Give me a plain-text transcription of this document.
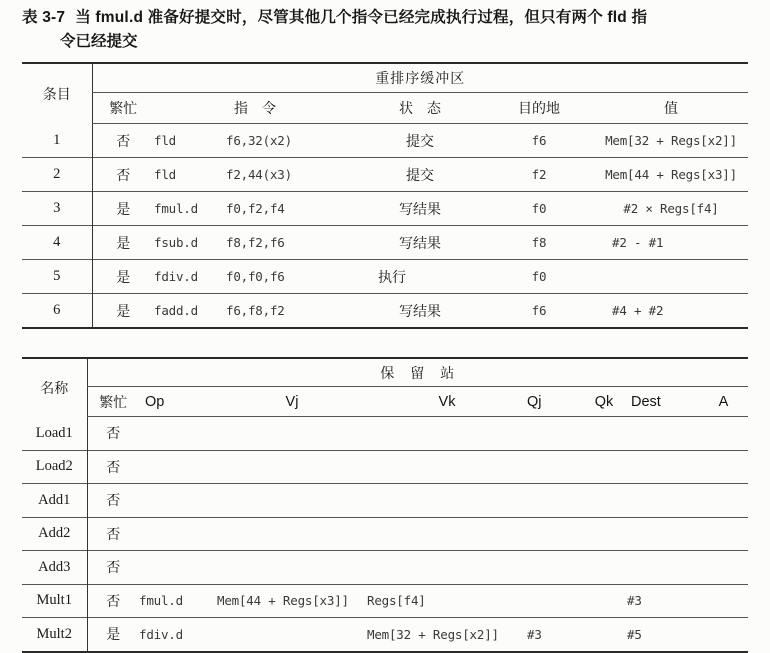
表 3-7 当 fmul.d 准备好提交时，尽管其他几个指令已经完成执行过程，但只有两个 fld 指
令已经提交
条目	重排序缓冲区					
	繁忙	指　令		状　态	目的地	值
1	否	fld	f6,32(x2)	提交	f6	Mem[32 + Regs[x2]]
2	否	fld	f2,44(x3)	提交	f2	Mem[44 + Regs[x3]]
3	是	fmul.d	f0,f2,f4	写结果	f0	#2 × Regs[f4]
4	是	fsub.d	f8,f2,f6	写结果	f8	#2 - #1
5	是	fdiv.d	f0,f0,f6	执行	f0	
6	是	fadd.d	f6,f8,f2	写结果	f6	#4 + #2
名称	保　留　站							
	繁忙	Op	Vj	Vk	Qj	Qk	Dest	A
Load1	否							
Load2	否							
Add1	否							
Add2	否							
Add3	否							
Mult1	否	fmul.d	Mem[44 + Regs[x3]]	Regs[f4]			#3	
Mult2	是	fdiv.d		Mem[32 + Regs[x2]]	#3		#5	
